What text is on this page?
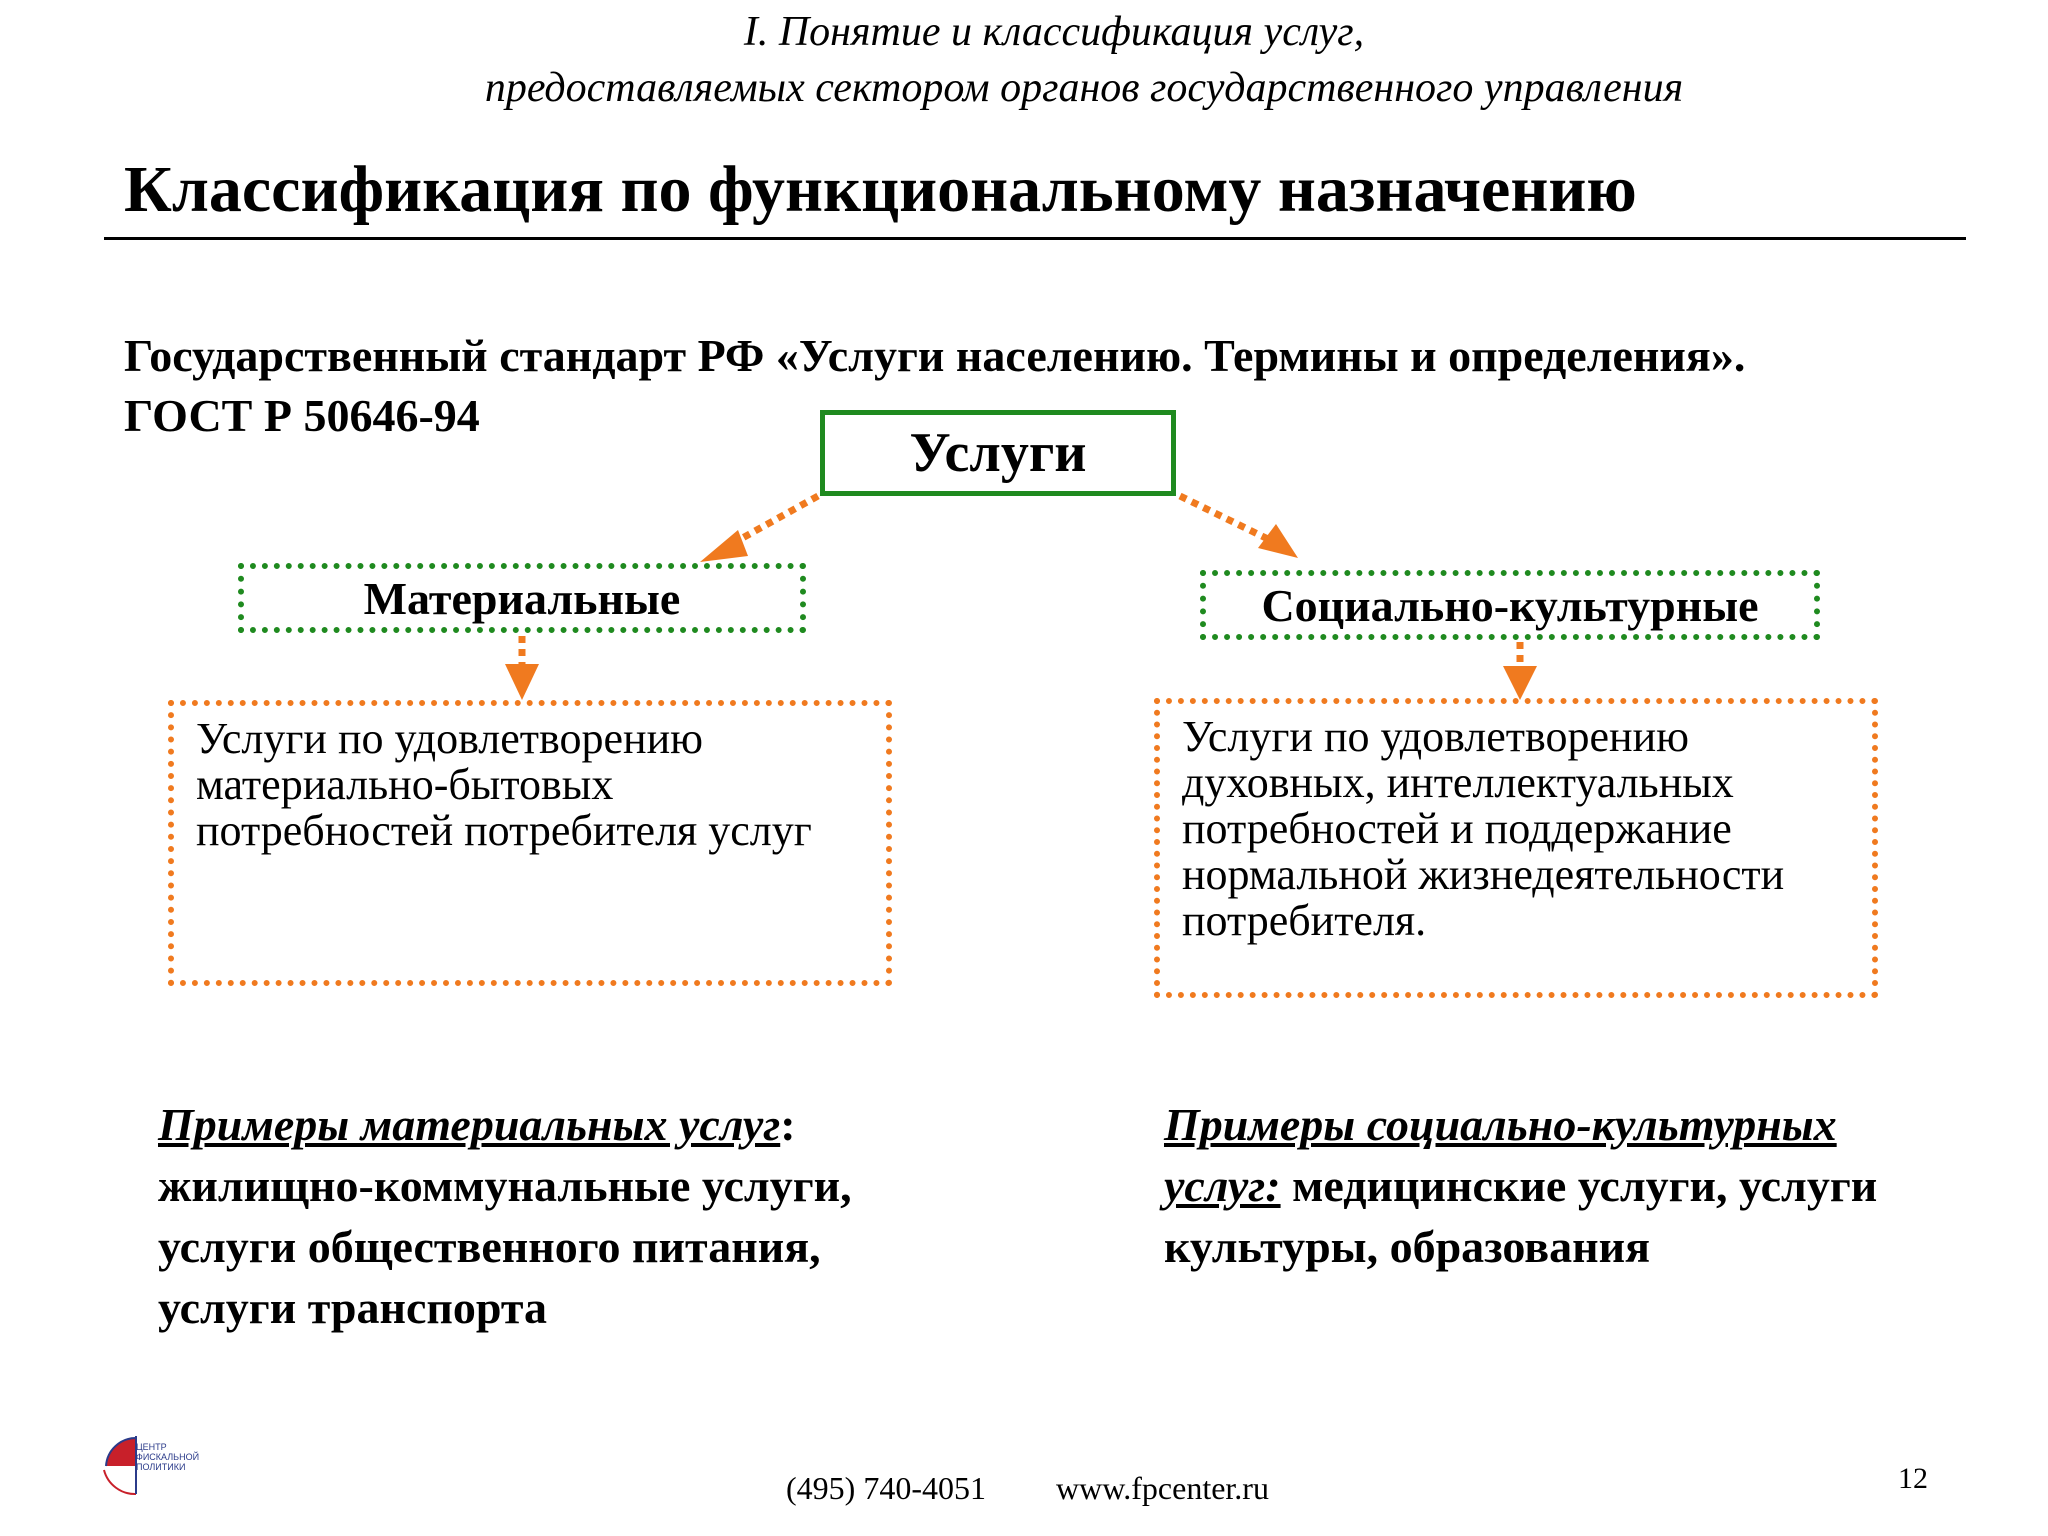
I. Понятие и классификация услуг,
предоставляемых сектором органов государственного управления
Классификация по функциональному назначению
Государственный стандарт РФ «Услуги населению. Термины и определения».
ГОСТ Р 50646-94
Услуги
Материальные	Социально-культурные
Услуги по удовлетворению материально-бытовых потребностей потребителя услуг
Услуги по удовлетворению духовных, интеллектуальных потребностей и поддержание нормальной жизнедеятельности потребителя.
Примеры материальных услуг:
жилищно-коммунальные услуги, услуги общественного питания, услуги транспорта
Примеры социально-культурных услуг: медицинские услуги, услуги культуры, образования
ЦЕНТР ФИСКАЛЬНОЙ ПОЛИТИКИ
(495) 740-4051 www.fpcenter.ru	12
